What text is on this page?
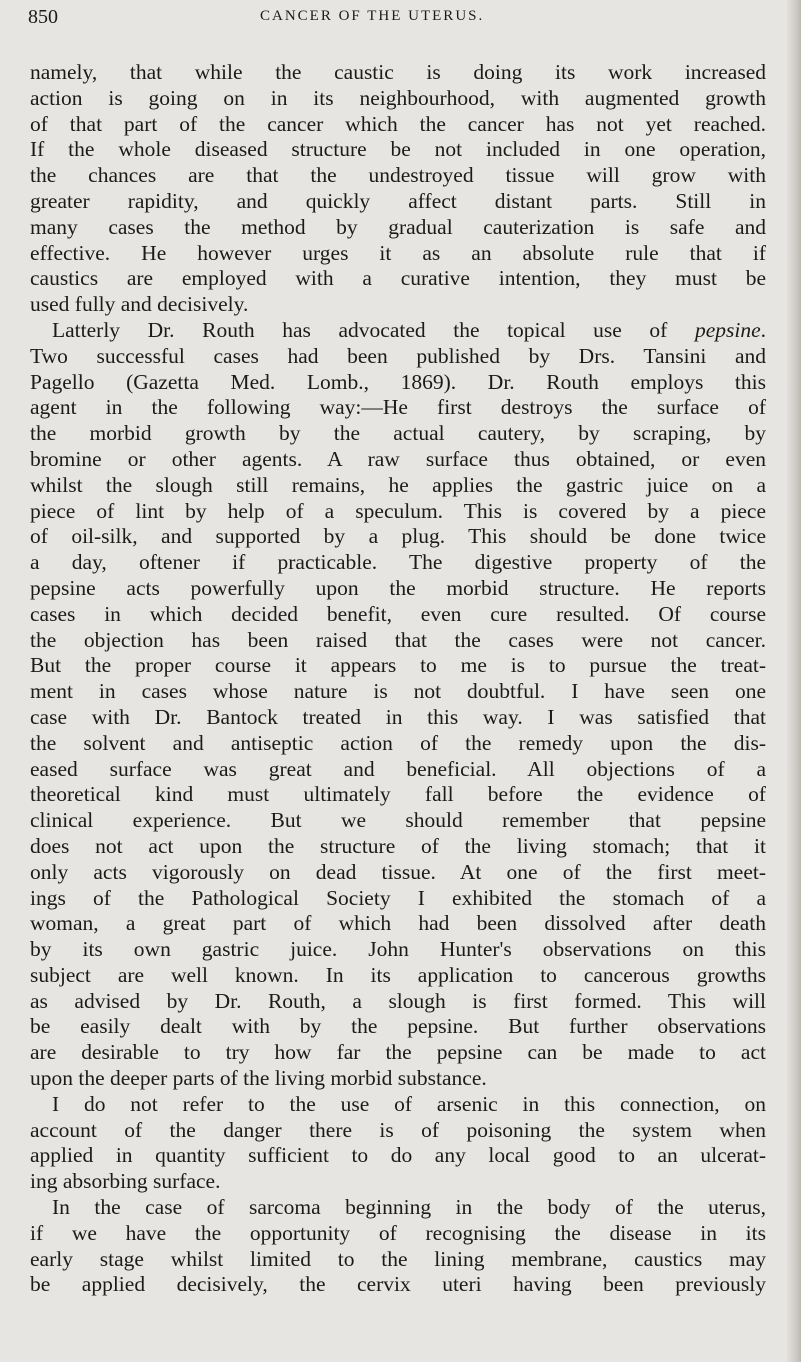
850	CANCER OF THE UTERUS.
namely, that while the caustic is doing its work increased
action is going on in its neighbourhood, with augmented growth
of that part of the cancer which the cancer has not yet reached.
If the whole diseased structure be not included in one operation,
the chances are that the undestroyed tissue will grow with
greater rapidity, and quickly affect distant parts. Still in
many cases the method by gradual cauterization is safe and
effective. He however urges it as an absolute rule that if
caustics are employed with a curative intention, they must be
used fully and decisively.
Latterly Dr. Routh has advocated the topical use of pepsine.
Two successful cases had been published by Drs. Tansini and
Pagello (Gazetta Med. Lomb., 1869). Dr. Routh employs this
agent in the following way:—He first destroys the surface of
the morbid growth by the actual cautery, by scraping, by
bromine or other agents. A raw surface thus obtained, or even
whilst the slough still remains, he applies the gastric juice on a
piece of lint by help of a speculum. This is covered by a piece
of oil-silk, and supported by a plug. This should be done twice
a day, oftener if practicable. The digestive property of the
pepsine acts powerfully upon the morbid structure. He reports
cases in which decided benefit, even cure resulted. Of course
the objection has been raised that the cases were not cancer.
But the proper course it appears to me is to pursue the treat-
ment in cases whose nature is not doubtful. I have seen one
case with Dr. Bantock treated in this way. I was satisfied that
the solvent and antiseptic action of the remedy upon the dis-
eased surface was great and beneficial. All objections of a
theoretical kind must ultimately fall before the evidence of
clinical experience. But we should remember that pepsine
does not act upon the structure of the living stomach; that it
only acts vigorously on dead tissue. At one of the first meet-
ings of the Pathological Society I exhibited the stomach of a
woman, a great part of which had been dissolved after death
by its own gastric juice. John Hunter's observations on this
subject are well known. In its application to cancerous growths
as advised by Dr. Routh, a slough is first formed. This will
be easily dealt with by the pepsine. But further observations
are desirable to try how far the pepsine can be made to act
upon the deeper parts of the living morbid substance.
I do not refer to the use of arsenic in this connection, on
account of the danger there is of poisoning the system when
applied in quantity sufficient to do any local good to an ulcerat-
ing absorbing surface.
In the case of sarcoma beginning in the body of the uterus,
if we have the opportunity of recognising the disease in its
early stage whilst limited to the lining membrane, caustics may
be applied decisively, the cervix uteri having been previously
